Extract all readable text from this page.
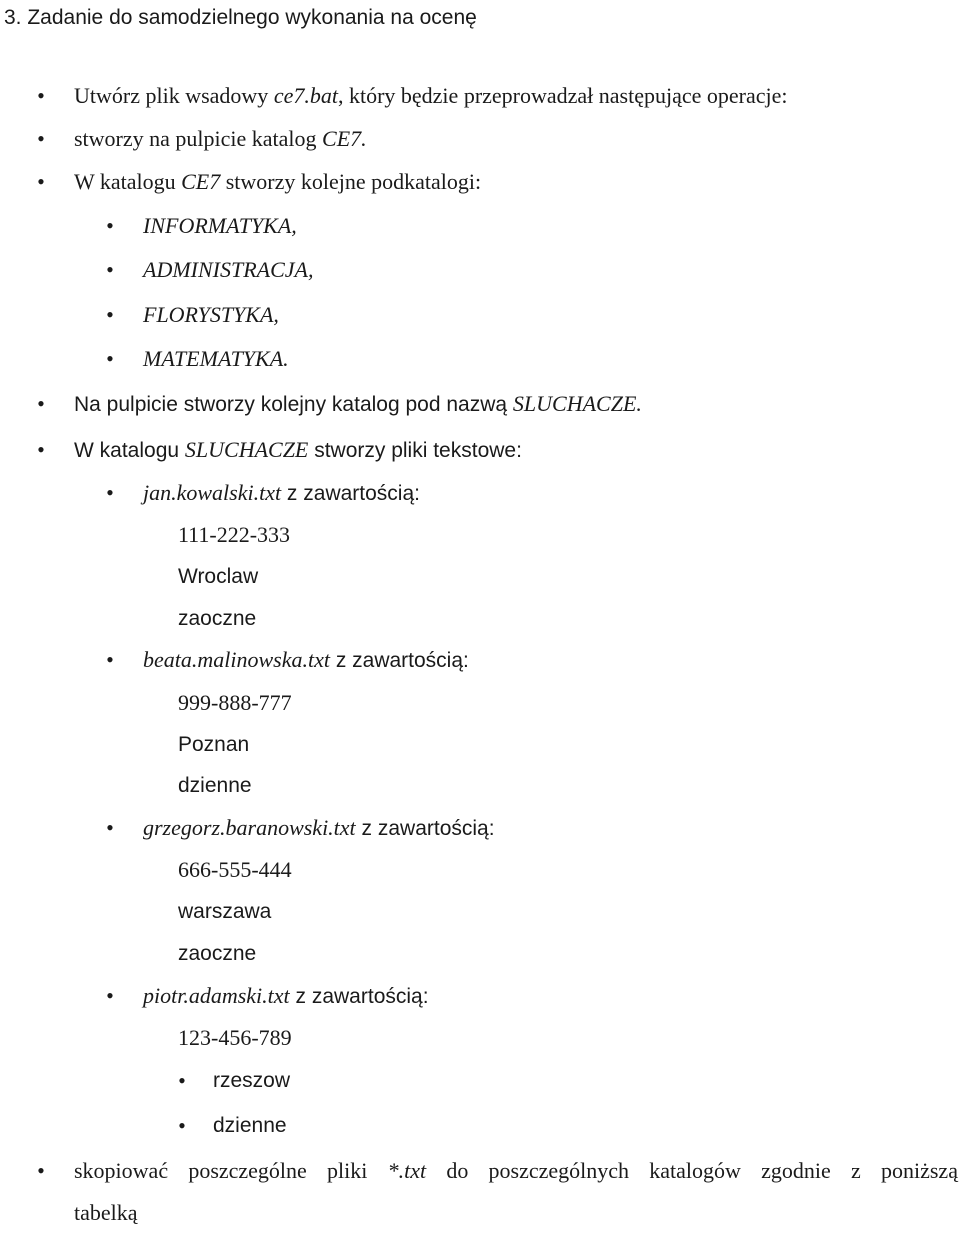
3. Zadanie do samodzielnego wykonania na ocenę
• Utwórz plik wsadowy ce7.bat, który będzie przeprowadzał następujące operacje:
• stworzy na pulpicie katalog CE7.
• W katalogu CE7 stworzy kolejne podkatalogi:
• INFORMATYKA,
• ADMINISTRACJA,
• FLORYSTYKA,
• MATEMATYKA.
• Na pulpicie stworzy kolejny katalog pod nazwą SLUCHACZE.
• W katalogu SLUCHACZE stworzy pliki tekstowe:
• jan.kowalski.txt z zawartością:
111-222-333
Wroclaw
zaoczne
• beata.malinowska.txt z zawartością:
999-888-777
Poznan
dzienne
• grzegorz.baranowski.txt z zawartością:
666-555-444
warszawa
zaoczne
• piotr.adamski.txt z zawartością:
123-456-789
• rzeszow
• dzienne
• skopiować poszczególne pliki *.txt do poszczególnych katalogów zgodnie z poniższą
tabelką
